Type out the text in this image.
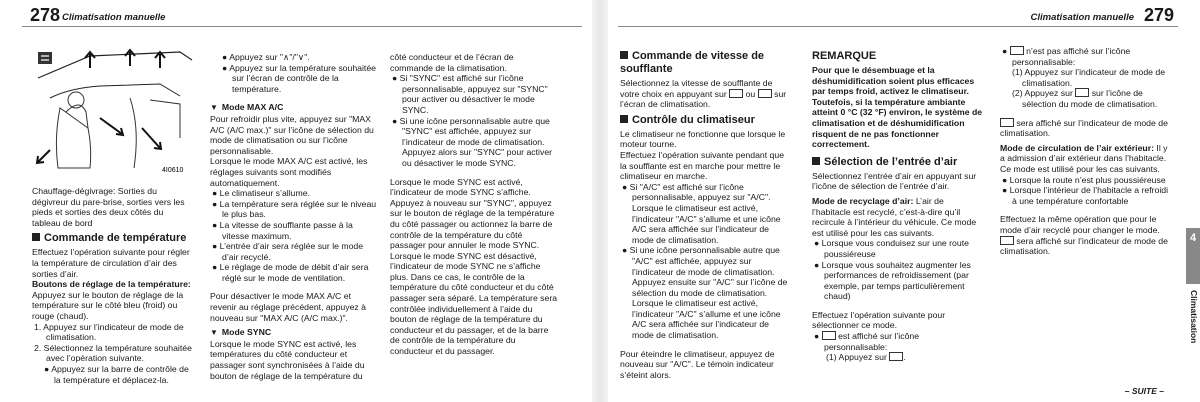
278 Climatisation manuelle
4I0610

Chauffage-dégivrage: Sorties du dégivreur du pare-brise, sorties vers les pieds et sorties des deux côtés du tableau de bord

Commande de température

Effectuez l’opération suivante pour régler la température de circulation d’air des sorties d’air.

Boutons de réglage de la température:

Appuyez sur le bouton de réglage de la température sur le côté bleu (froid) ou rouge (chaud).

1. Appuyez sur l’indicateur de mode de climatisation.

2. Sélectionnez la température souhaitée avec l’opération suivante.

● Appuyez sur la barre de contrôle de la température et déplacez-la.

● Appuyez sur "∧"/"∨".

● Appuyez sur la température souhaitée sur l’écran de contrôle de la température.

▼ Mode MAX A/C

Pour refroidir plus vite, appuyez sur "MAX A/C (A/C max.)" sur l’icône de sélection du mode de climatisation ou sur l’icône personnalisable.

Lorsque le mode MAX A/C est activé, les réglages suivants sont modifiés automatiquement.

● Le climatiseur s’allume.

● La température sera réglée sur le niveau le plus bas.

● La vitesse de soufflante passe à la vitesse maximum.

● L’entrée d’air sera réglée sur le mode d’air recyclé.

● Le réglage de mode de débit d’air sera réglé sur le mode de ventilation.

Pour désactiver le mode MAX A/C et revenir au réglage précédent, appuyez à nouveau sur "MAX A/C (A/C max.)".

▼ Mode SYNC

Lorsque le mode SYNC est activé, les températures du côté conducteur et passager sont synchronisées à l’aide du bouton de réglage de la température du

côté conducteur et de l’écran de commande de la climatisation.

● Si "SYNC" est affiché sur l’icône personnalisable, appuyez sur "SYNC" pour activer ou désactiver le mode SYNC.

● Si une icône personnalisable autre que "SYNC" est affichée, appuyez sur l’indicateur de mode de climatisation. Appuyez alors sur "SYNC" pour activer ou désactiver le mode SYNC.

Lorsque le mode SYNC est activé, l’indicateur de mode SYNC s’affiche. Appuyez à nouveau sur "SYNC", appuyez sur le bouton de réglage de la température du côté passager ou actionnez la barre de contrôle de la température du côté passager pour annuler le mode SYNC. Lorsque le mode SYNC est désactivé, l’indicateur de mode SYNC ne s’affiche plus. Dans ce cas, le contrôle de la température du côté conducteur et du côté passager sera séparé. La température sera contrôlée individuellement à l’aide du bouton de réglage de la température du conducteur et du passager, et de la barre de contrôle de la température du conducteur et du passager.

Climatisation manuelle 279
Commande de vitesse de soufflante

Sélectionnez la vitesse de soufflante de votre choix en appuyant sur ou sur l’écran de climatisation.

Contrôle du climatiseur

Le climatiseur ne fonctionne que lorsque le moteur tourne.

Effectuez l’opération suivante pendant que la soufflante est en marche pour mettre le climatiseur en marche.

● Si "A/C" est affiché sur l’icône personnalisable, appuyez sur "A/C". Lorsque le climatiseur est activé, l’indicateur "A/C" s’allume et une icône A/C sera affichée sur l’indicateur de mode de climatisation.

● Si une icône personnalisable autre que "A/C" est affichée, appuyez sur l’indicateur de mode de climatisation. Appuyez ensuite sur "A/C" sur l’icône de sélection du mode de climatisation. Lorsque le climatiseur est activé, l’indicateur "A/C" s’allume et une icône A/C sera affichée sur l’indicateur de mode de climatisation.

Pour éteindre le climatiseur, appuyez de nouveau sur "A/C". Le témoin indicateur s’éteint alors.

REMARQUE

Pour que le désembuage et la déshumidification soient plus efficaces par temps froid, activez le climatiseur. Toutefois, si la température ambiante atteint 0 °C (32 °F) environ, le système de climatisation et de déshumidification risquent de ne pas fonctionner correctement.

Sélection de l’entrée d’air

Sélectionnez l’entrée d’air en appuyant sur l’icône de sélection de l’entrée d’air.

Mode de recyclage d’air: L’air de l’habitacle est recyclé, c’est-à-dire qu’il recircule à l’intérieur du véhicule. Ce mode est utilisé pour les cas suivants.

● Lorsque vous conduisez sur une route poussiéreuse

● Lorsque vous souhaitez augmenter les performances de refroidissement (par exemple, par temps particulièrement chaud)

Effectuez l’opération suivante pour sélectionner ce mode.

●  est affiché sur l’icône personnalisable:

(1) Appuyez sur .

●  n’est pas affiché sur l’icône personnalisable:

(1) Appuyez sur l’indicateur de mode de climatisation.

(2) Appuyez sur sur l’icône de sélection du mode de climatisation.

sera affiché sur l’indicateur de mode de climatisation.

Mode de circulation de l’air extérieur: Il y a admission d’air extérieur dans l’habitacle. Ce mode est utilisé pour les cas suivants.

● Lorsque la route n’est plus poussiéreuse

● Lorsque l’intérieur de l’habitacle a refroidi à une température confortable

Effectuez la même opération que pour le mode d’air recyclé pour changer le mode.

sera affiché sur l’indicateur de mode de climatisation.

4
Climatisation
– SUITE –
